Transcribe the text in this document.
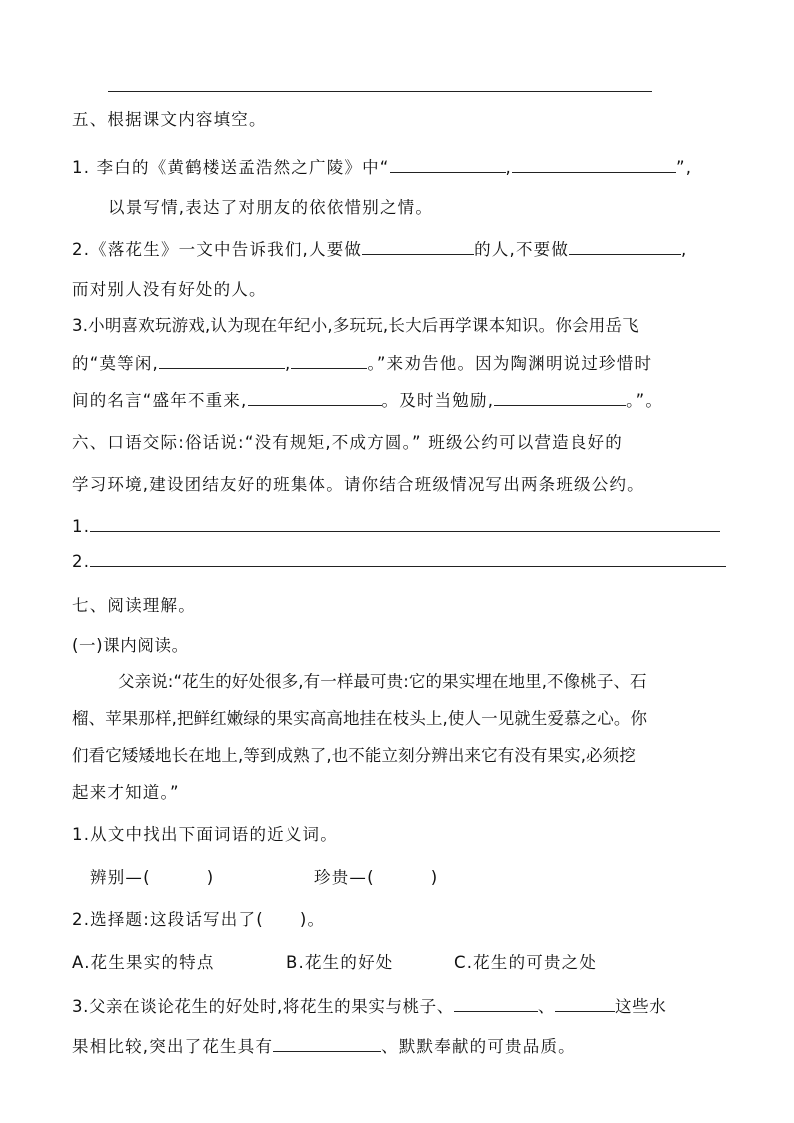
五、根据课文内容填空。
1. 李白的《黄鹤楼送孟浩然之广陵》中“	,	”,
以景写情,表达了对朋友的依依惜别之情。
2.《落花生》一文中告诉我们,人要做	的人,不要做	,
而对别人没有好处的人。
3.小明喜欢玩游戏,认为现在年纪小,多玩玩,长大后再学课本知识。你会用岳飞
的“莫等闲,	,	。”来劝告他。因为陶渊明说过珍惜时
间的名言“盛年不重来,	。及时当勉励,	。”。
六、口语交际:俗话说:“没有规矩,不成方圆。” 班级公约可以营造良好的
学习环境,建设团结友好的班集体。请你结合班级情况写出两条班级公约。
1.
2.
七、阅读理解。
(一)课内阅读。
父亲说:“花生的好处很多,有一样最可贵:它的果实埋在地里,不像桃子、石
榴、苹果那样,把鲜红嫩绿的果实高高地挂在枝头上,使人一见就生爱慕之心。你
们看它矮矮地长在地上,等到成熟了,也不能立刻分辨出来它有没有果实,必须挖
起来才知道。”
1.从文中找出下面词语的近义词。
辨别—(	)	珍贵—(	)
2.选择题:这段话写出了( )。
A.花生果实的特点	B.花生的好处	C.花生的可贵之处
3.父亲在谈论花生的好处时,将花生的果实与桃子、	、	这些水
果相比较,突出了花生具有	、默默奉献的可贵品质。
